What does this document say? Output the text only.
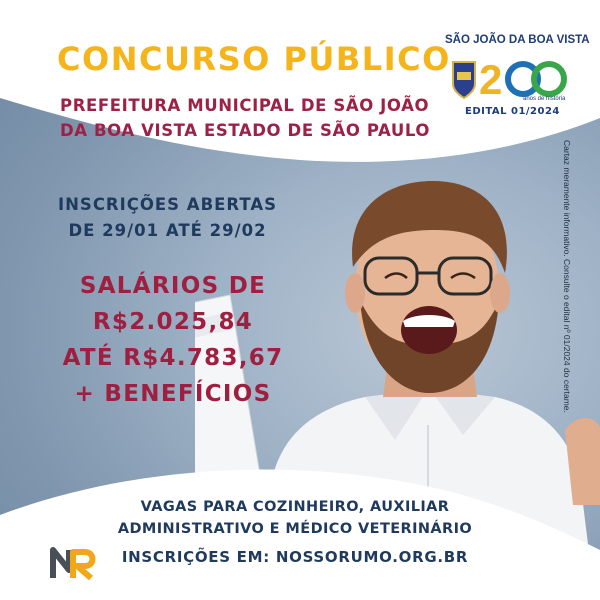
CONCURSO PÚBLICO
PREFEITURA MUNICIPAL DE SÃO JOÃO
DA BOA VISTA ESTADO DE SÃO PAULO
2	anos de história
SÃO JOÃO DA BOA VISTA
EDITAL 01/2024
Cartaz meramente informativo. Consulte o edital nº 01/2024 do certame.
INSCRIÇÕES ABERTAS
DE 29/01 ATÉ 29/02
SALÁRIOS DE
R$2.025,84
ATÉ R$4.783,67
+ BENEFÍCIOS
VAGAS PARA COZINHEIRO, AUXILIAR
ADMINISTRATIVO E MÉDICO VETERINÁRIO
INSCRIÇÕES EM: NOSSORUMO.ORG.BR
